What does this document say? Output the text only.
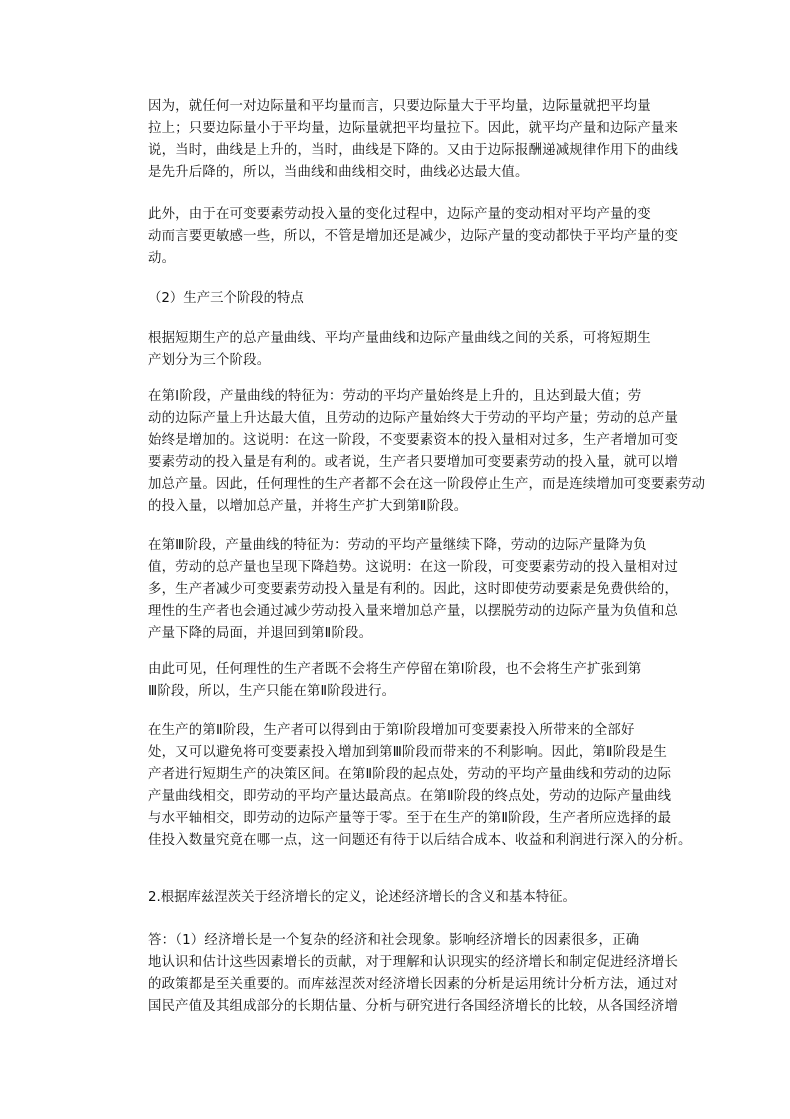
因为，就任何一对边际量和平均量而言，只要边际量大于平均量，边际量就把平均量
拉上；只要边际量小于平均量，边际量就把平均量拉下。因此，就平均产量和边际产量来
说，当时，曲线是上升的，当时，曲线是下降的。又由于边际报酬递减规律作用下的曲线
是先升后降的，所以，当曲线和曲线相交时，曲线必达最大值。
此外，由于在可变要素劳动投入量的变化过程中，边际产量的变动相对平均产量的变
动而言要更敏感一些，所以，不管是增加还是减少，边际产量的变动都快于平均产量的变
动。
（2）生产三个阶段的特点
根据短期生产的总产量曲线、平均产量曲线和边际产量曲线之间的关系，可将短期生
产划分为三个阶段。
在第Ⅰ阶段，产量曲线的特征为：劳动的平均产量始终是上升的，且达到最大值；劳
动的边际产量上升达最大值，且劳动的边际产量始终大于劳动的平均产量；劳动的总产量
始终是增加的。这说明：在这一阶段，不变要素资本的投入量相对过多，生产者增加可变
要素劳动的投入量是有利的。或者说，生产者只要增加可变要素劳动的投入量，就可以增
加总产量。因此，任何理性的生产者都不会在这一阶段停止生产，而是连续增加可变要素劳动
的投入量，以增加总产量，并将生产扩大到第Ⅱ阶段。
在第Ⅲ阶段，产量曲线的特征为：劳动的平均产量继续下降，劳动的边际产量降为负
值，劳动的总产量也呈现下降趋势。这说明：在这一阶段，可变要素劳动的投入量相对过
多，生产者减少可变要素劳动投入量是有利的。因此，这时即使劳动要素是免费供给的，
理性的生产者也会通过减少劳动投入量来增加总产量，以摆脱劳动的边际产量为负值和总
产量下降的局面，并退回到第Ⅱ阶段。
由此可见，任何理性的生产者既不会将生产停留在第Ⅰ阶段，也不会将生产扩张到第
Ⅲ阶段，所以，生产只能在第Ⅱ阶段进行。
在生产的第Ⅱ阶段，生产者可以得到由于第Ⅰ阶段增加可变要素投入所带来的全部好
处，又可以避免将可变要素投入增加到第Ⅲ阶段而带来的不利影响。因此，第Ⅱ阶段是生
产者进行短期生产的决策区间。在第Ⅱ阶段的起点处，劳动的平均产量曲线和劳动的边际
产量曲线相交，即劳动的平均产量达最高点。在第Ⅱ阶段的终点处，劳动的边际产量曲线
与水平轴相交，即劳动的边际产量等于零。至于在生产的第Ⅱ阶段，生产者所应选择的最
佳投入数量究竟在哪一点，这一问题还有待于以后结合成本、收益和利润进行深入的分析。
2.根据库兹涅茨关于经济增长的定义，论述经济增长的含义和基本特征。
答：（1）经济增长是一个复杂的经济和社会现象。影响经济增长的因素很多，正确
地认识和估计这些因素增长的贡献，对于理解和认识现实的经济增长和制定促进经济增长
的政策都是至关重要的。而库兹涅茨对经济增长因素的分析是运用统计分析方法，通过对
国民产值及其组成部分的长期估量、分析与研究进行各国经济增长的比较，从各国经济增
